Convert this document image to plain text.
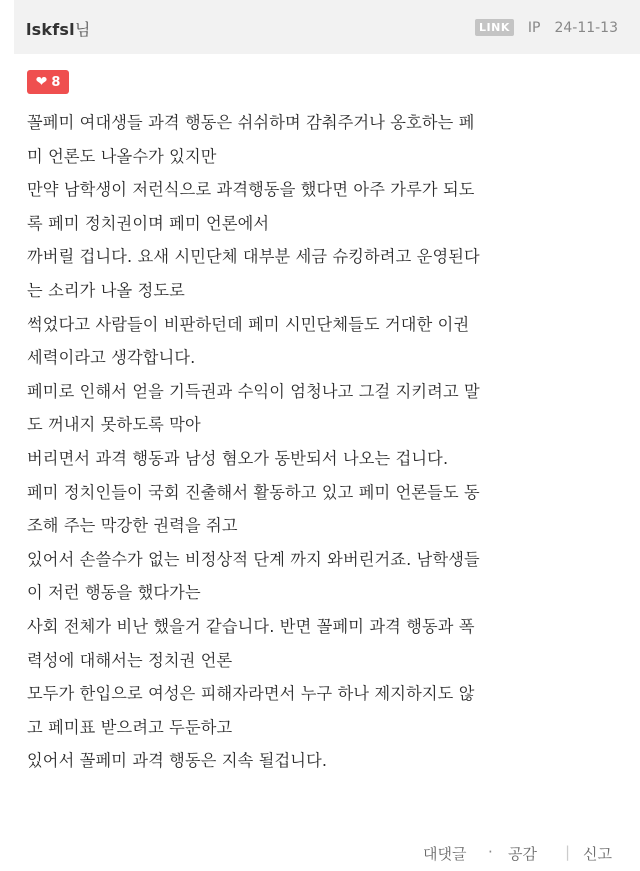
lskfsl님	LINK IP 24-11-13
❤ 8
꼴페미 여대생들 과격 행동은 쉬쉬하며 감춰주거나 옹호하는 페
미 언론도 나올수가 있지만
만약 남학생이 저런식으로 과격행동을 했다면 아주 가루가 되도
록 페미 정치권이며 페미 언론에서
까버릴 겁니다. 요새 시민단체 대부분 세금 슈킹하려고 운영된다
는 소리가 나올 정도로
썩었다고 사람들이 비판하던데 페미 시민단체들도 거대한 이권
세력이라고 생각합니다.
페미로 인해서 얻을 기득권과 수익이 엄청나고 그걸 지키려고 말
도 꺼내지 못하도록 막아
버리면서 과격 행동과 남성 혐오가 동반되서 나오는 겁니다.
페미 정치인들이 국회 진출해서 활동하고 있고 페미 언론들도 동
조해 주는 막강한 권력을 쥐고
있어서 손쓸수가 없는 비정상적 단계 까지 와버린거죠. 남학생들
이 저런 행동을 했다가는
사회 전체가 비난 했을거 같습니다. 반면 꼴페미 과격 행동과 폭
력성에 대해서는 정치권 언론
모두가 한입으로 여성은 피해자라면서 누구 하나 제지하지도 않
고 페미표 받으려고 두둔하고
있어서 꼴페미 과격 행동은 지속 될겁니다.
대댓글 · 공감 | 신고
